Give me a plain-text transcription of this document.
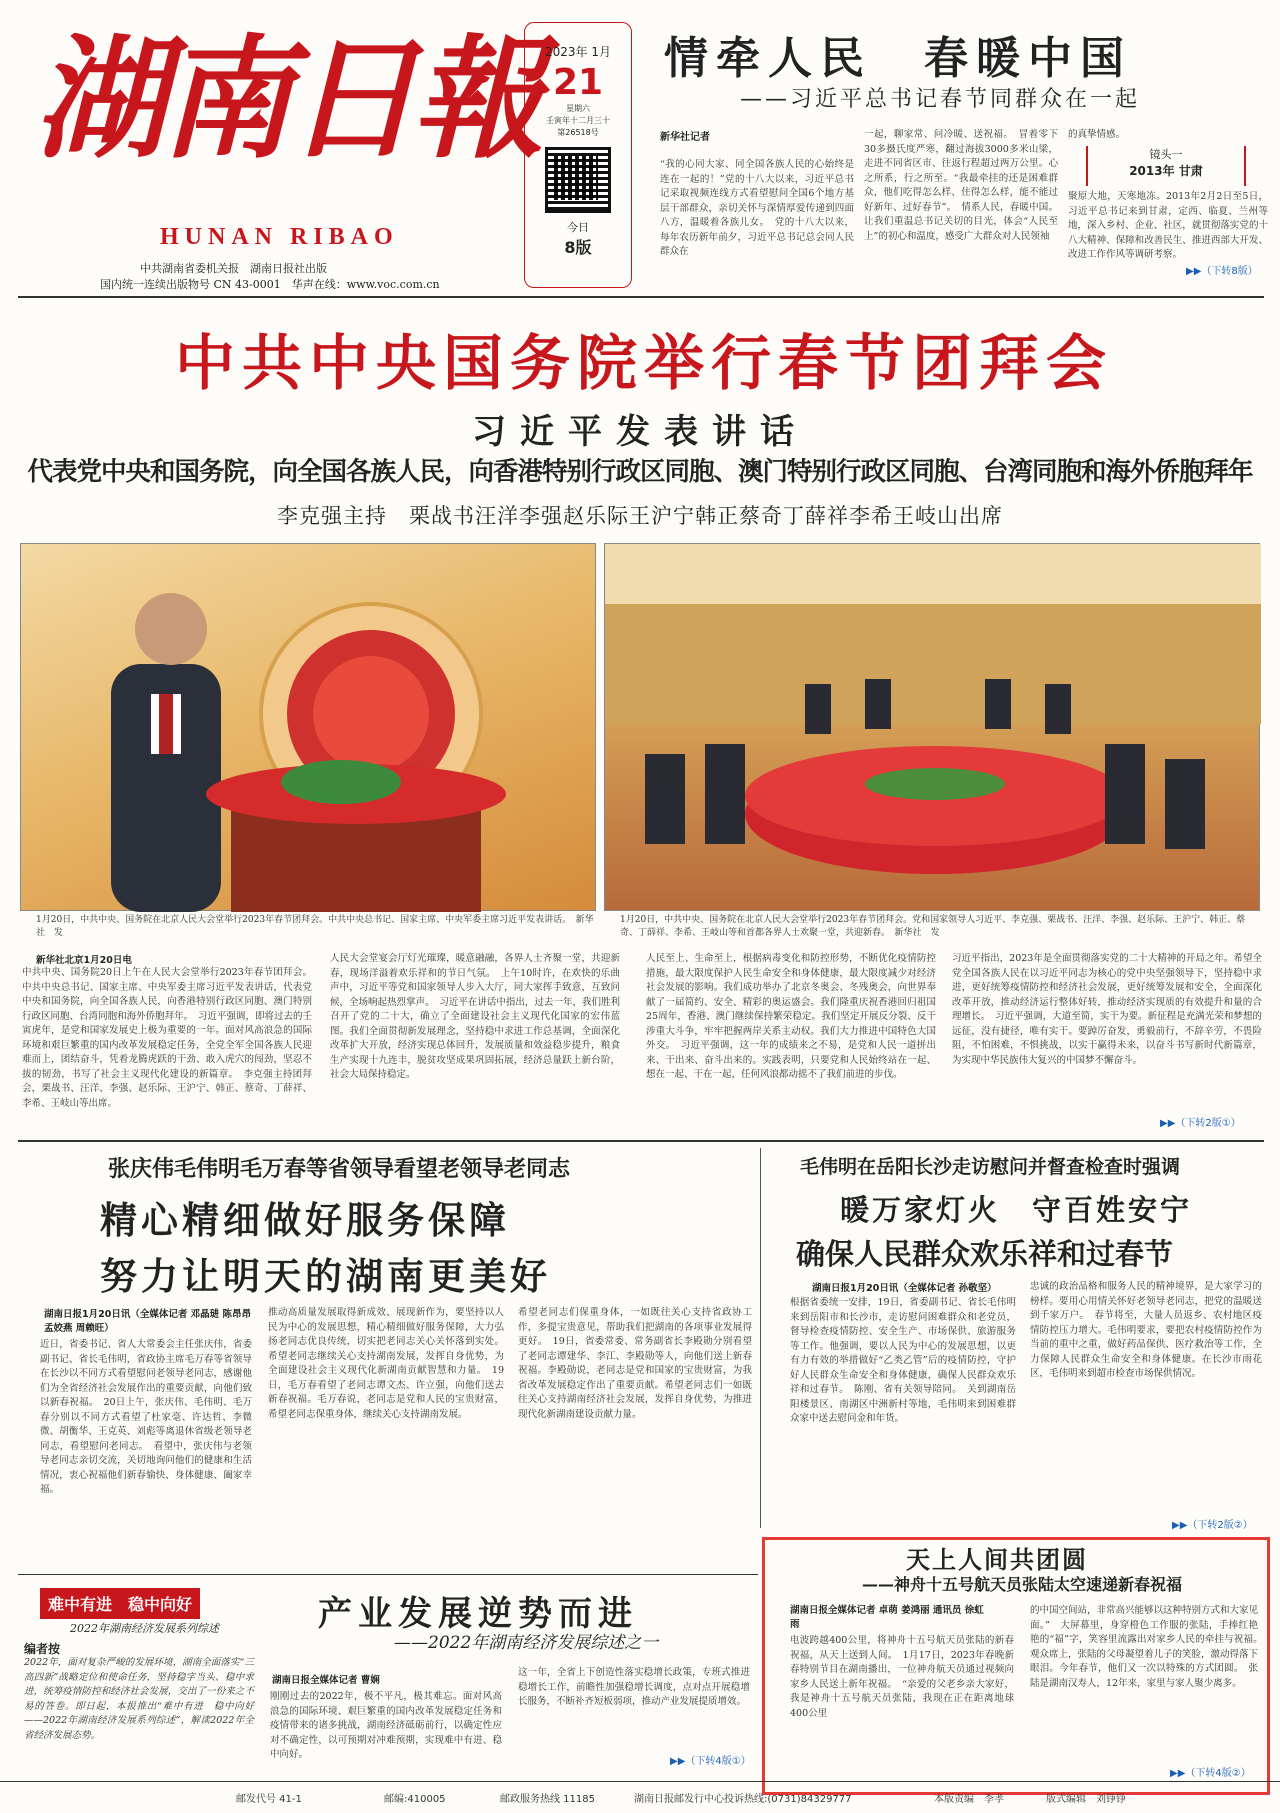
湖南日報
HUNAN RIBAO
中共湖南省委机关报　湖南日报社出版
国内统一连续出版物号 CN 43-0001　华声在线：www.voc.com.cn
2023年 1月
21
星期六
壬寅年十二月三十
第26518号
今日
8版
情牵人民　春暖中国
——习近平总书记春节同群众在一起
新华社记者
“我的心同大家、同全国各族人民的心始终是连在一起的！”党的十八大以来，习近平总书记采取视频连线方式看望慰问全国6个地方基层干部群众，亲切关怀与深情厚爱传递到四面八方，温暖着各族儿女。　党的十八大以来，每年农历新年前夕，习近平总书记总会同人民群众在
一起，聊家常、问冷暖、送祝福。　冒着零下30多摄氏度严寒，翻过海拔3000多米山梁，走进不同省区市、往返行程超过两万公里。心之所系，行之所至。“我最牵挂的还是困难群众，他们吃得怎么样、住得怎么样，能不能过好新年、过好春节”。　情系人民，春暖中国。让我们重温总书记关切的目光，体会“人民至上”的初心和温度，感受广大群众对人民领袖
的真挚情感。
镜头一
2013年 甘肃
聚原大地，天寒地冻。2013年2月2日至5日，习近平总书记来到甘肃，定西、临夏、兰州等地，深入乡村、企业、社区，就贯彻落实党的十八大精神、保障和改善民生、推进西部大开发、改进工作作风等调研考察。
▶▶（下转8版）
中共中央国务院举行春节团拜会
习近平发表讲话
代表党中央和国务院，向全国各族人民，向香港特别行政区同胞、澳门特别行政区同胞、台湾同胞和海外侨胞拜年
李克强主持　栗战书汪洋李强赵乐际王沪宁韩正蔡奇丁薛祥李希王岐山出席
1月20日，中共中央、国务院在北京人民大会堂举行2023年春节团拜会。中共中央总书记、国家主席、中央军委主席习近平发表讲话。　新华社　发
1月20日，中共中央、国务院在北京人民大会堂举行2023年春节团拜会。党和国家领导人习近平、李克强、栗战书、汪洋、李强、赵乐际、王沪宁、韩正、蔡奇、丁薛祥、李希、王岐山等和首都各界人士欢聚一堂，共迎新春。　新华社　发
新华社北京1月20日电
中共中央、国务院20日上午在人民大会堂举行2023年春节团拜会。中共中央总书记、国家主席、中央军委主席习近平发表讲话，代表党中央和国务院，向全国各族人民，向香港特别行政区同胞、澳门特别行政区同胞、台湾同胞和海外侨胞拜年。　习近平强调，即将过去的壬寅虎年，是党和国家发展史上极为重要的一年。面对风高浪急的国际环境和艰巨繁重的国内改革发展稳定任务，全党全军全国各族人民迎难而上，团结奋斗，凭着龙腾虎跃的干劲、敢入虎穴的闯劲，坚忍不拔的韧劲，书写了社会主义现代化建设的新篇章。　李克强主持团拜会，栗战书、汪洋、李强、赵乐际、王沪宁、韩正、蔡奇、丁薛祥、李希、王岐山等出席。
人民大会堂宴会厅灯光璀璨，暖意融融，各界人士齐聚一堂，共迎新春，现场洋溢着欢乐祥和的节日气氛。　上午10时许，在欢快的乐曲声中，习近平等党和国家领导人步入大厅，同大家挥手致意，互致问候，全场响起热烈掌声。　习近平在讲话中指出，过去一年，我们胜利召开了党的二十大，确立了全面建设社会主义现代化国家的宏伟蓝图。我们全面贯彻新发展理念，坚持稳中求进工作总基调，全面深化改革扩大开放，经济实现总体回升，发展质量和效益稳步提升，粮食生产实现十九连丰，脱贫攻坚成果巩固拓展，经济总量跃上新台阶，社会大局保持稳定。
人民至上、生命至上，根据病毒变化和防控形势，不断优化疫情防控措施，最大限度保护人民生命安全和身体健康，最大限度减少对经济社会发展的影响。我们成功举办了北京冬奥会、冬残奥会，向世界奉献了一届简约、安全、精彩的奥运盛会。我们隆重庆祝香港回归祖国25周年，香港、澳门继续保持繁荣稳定。我们坚定开展反分裂、反干涉重大斗争，牢牢把握两岸关系主动权。我们大力推进中国特色大国外交。　习近平强调，这一年的成绩来之不易，是党和人民一道拼出来、干出来、奋斗出来的。实践表明，只要党和人民始终站在一起、想在一起、干在一起，任何风浪都动摇不了我们前进的步伐。
习近平指出，2023年是全面贯彻落实党的二十大精神的开局之年。希望全党全国各族人民在以习近平同志为核心的党中央坚强领导下，坚持稳中求进，更好统筹疫情防控和经济社会发展，更好统筹发展和安全，全面深化改革开放，推动经济运行整体好转，推动经济实现质的有效提升和量的合理增长。　习近平强调，大道至简，实干为要。新征程是充满光荣和梦想的远征，没有捷径，唯有实干。要踔厉奋发，勇毅前行，不辞辛劳，不畏险阻，不怕困难，不惧挑战，以实干赢得未来，以奋斗书写新时代新篇章，为实现中华民族伟大复兴的中国梦不懈奋斗。
▶▶（下转2版①）
张庆伟毛伟明毛万春等省领导看望老领导老同志
精心精细做好服务保障
努力让明天的湖南更美好
湖南日报1月20日讯（全媒体记者 邓晶琎 陈昂昂 孟姣燕 周赖旺）
近日，省委书记、省人大常委会主任张庆伟，省委副书记、省长毛伟明，省政协主席毛万春等省领导在长沙以不同方式看望慰问老领导老同志，感谢他们为全省经济社会发展作出的重要贡献，向他们致以新春祝福。　20日上午，张庆伟、毛伟明、毛万春分别以不同方式看望了杜家毫、许达哲、李微微、胡衡华、王克英、刘彪等离退休省级老领导老同志，看望慰问老同志。　看望中，张庆伟与老领导老同志亲切交流，关切地询问他们的健康和生活情况，衷心祝福他们新春愉快、身体健康、阖家幸福。
推动高质量发展取得新成效、展现新作为，要坚持以人民为中心的发展思想，精心精细做好服务保障，大力弘扬老同志优良传统，切实把老同志关心关怀落到实处。希望老同志继续关心支持湖南发展，发挥自身优势，为全面建设社会主义现代化新湖南贡献智慧和力量。　19日，毛万春看望了老同志谭文杰、许立强，向他们送去新春祝福。毛万春说，老同志是党和人民的宝贵财富，希望老同志保重身体，继续关心支持湖南发展。
希望老同志们保重身体，一如既往关心支持省政协工作，多提宝贵意见，帮助我们把湖南的各项事业发展得更好。　19日，省委常委、常务副省长李殿勋分别看望了老同志谭建华、李江、李殿勋等人，向他们送上新春祝福。李殿勋说，老同志是党和国家的宝贵财富，为我省改革发展稳定作出了重要贡献。希望老同志们一如既往关心支持湖南经济社会发展，发挥自身优势，为推进现代化新湖南建设贡献力量。
毛伟明在岳阳长沙走访慰问并督查检查时强调
暖万家灯火　守百姓安宁
确保人民群众欢乐祥和过春节
湖南日报1月20日讯（全媒体记者 孙敬坚）
根据省委统一安排，19日，省委副书记、省长毛伟明来到岳阳市和长沙市，走访慰问困难群众和老党员，督导检查疫情防控、安全生产、市场保供、旅游服务等工作。他强调，要以人民为中心的发展思想，以更有力有效的举措做好“乙类乙管”后的疫情防控，守护好人民群众生命安全和身体健康，确保人民群众欢乐祥和过春节。　陈刚、省有关领导陪同。　关到湖南岳阳楼景区、南湖区中洲新村等地，毛伟明来到困难群众家中送去慰问金和年货。
忠诚的政治品格和服务人民的精神境界，是大家学习的榜样。要用心用情关怀好老领导老同志，把党的温暖送到千家万户。　春节将至，大量人员返乡、农村地区疫情防控压力增大。毛伟明要求，要把农村疫情防控作为当前的重中之重，做好药品保供、医疗救治等工作，全力保障人民群众生命安全和身体健康。在长沙市雨花区，毛伟明来到超市检查市场保供情况。
▶▶（下转2版②）
难中有进　稳中向好
2022年湖南经济发展系列综述
编者按
2022年，面对复杂严峻的发展环境，湖南全面落实“三高四新”战略定位和使命任务，坚持稳字当头、稳中求进，统筹疫情防控和经济社会发展，交出了一份来之不易的答卷。即日起，本报推出“难中有进　稳中向好——2022年湖南经济发展系列综述”，解读2022年全省经济发展态势。
产业发展逆势而进
——2022年湖南经济发展综述之一
湖南日报全媒体记者 曹娴
刚刚过去的2022年，极不平凡，极其难忘。面对风高浪急的国际环境、艰巨繁重的国内改革发展稳定任务和疫情带来的诸多挑战，湖南经济砥砺前行，以确定性应对不确定性，以可预期对冲难预期，实现难中有进、稳中向好。
这一年，全省上下创造性落实稳增长政策，专班式推进稳增长工作，前瞻性加强稳增长调度，点对点开展稳增长服务，不断补齐短板弱项，推动产业发展提质增效。
▶▶（下转4版①）
天上人间共团圆
——神舟十五号航天员张陆太空速递新春祝福
湖南日报全媒体记者 卓萌 姜鸿丽 通讯员 徐虹雨
电波跨越400公里，将神舟十五号航天员张陆的新春祝福，从天上送到人间。　1月17日，2023年春晚新春特别节目在湖南播出，一位神舟航天员通过视频向家乡人民送上新年祝福。　“亲爱的父老乡亲大家好，我是神舟十五号航天员张陆，我现在正在距离地球400公里
的中国空间站，非常高兴能够以这种特别方式和大家见面。”　大屏幕里，身穿橙色工作服的张陆，手捧红艳艳的“福”字，笑容里流露出对家乡人民的牵挂与祝福。　观众席上，张陆的父母凝望着儿子的笑脸，激动得落下眼泪。今年春节，他们又一次以特殊的方式团圆。　张陆是湖南汉寿人，12年来，家里与家人聚少离多。
▶▶（下转4版②）
邮发代号 41-1	邮编:410005	邮政服务热线 11185	湖南日报邮发行中心投诉热线:(0731)84329777	本版责编　李孝	版式编辑　刘铮铮
